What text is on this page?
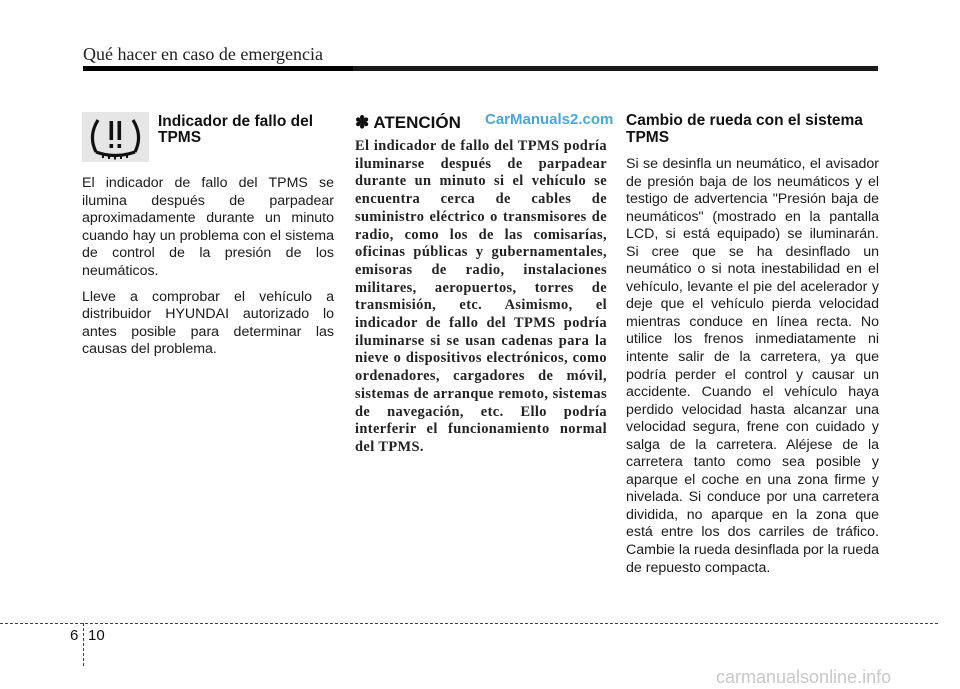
Qué hacer en caso de emergencia
Indicador de fallo del TPMS

El indicador de fallo del TPMS se ilumina después de parpadear aproximadamente durante un minuto cuando hay un problema con el sistema de control de la presión de los neumáticos.

Lleve a comprobar el vehículo a distribuidor HYUNDAI autorizado lo antes posible para determinar las causas del problema.

✽ ATENCIÓN	CarManuals2.com

El indicador de fallo del TPMS podría iluminarse después de parpadear durante un minuto si el vehículo se encuentra cerca de cables de suministro eléctrico o transmisores de radio, como los de las comisarías, oficinas públicas y gubernamentales, emisoras de radio, instalaciones militares, aeropuertos, torres de transmisión, etc. Asimismo, el indicador de fallo del TPMS podría iluminarse si se usan cadenas para la nieve o dispositivos electrónicos, como ordenadores, cargadores de móvil, sistemas de arranque remoto, sistemas de navegación, etc. Ello podría interferir el funcionamiento normal del TPMS.

Cambio de rueda con el sistema TPMS

Si se desinfla un neumático, el avisador de presión baja de los neumáticos y el testigo de advertencia "Presión baja de neumáticos" (mostrado en la pantalla LCD, si está equipado) se iluminarán. Si cree que se ha desinflado un neumático o si nota inestabilidad en el vehículo, levante el pie del acelerador y deje que el vehículo pierda velocidad mientras conduce en línea recta. No utilice los frenos inmediatamente ni intente salir de la carretera, ya que podría perder el control y causar un accidente. Cuando el vehículo haya perdido velocidad hasta alcanzar una velocidad segura, frene con cuidado y salga de la carretera. Aléjese de la carretera tanto como sea posible y aparque el coche en una zona firme y nivelada. Si conduce por una carretera dividida, no aparque en la zona que está entre los dos carriles de tráfico. Cambie la rueda desinflada por la rueda de repuesto compacta.

6 10
carmanualsonline.info
